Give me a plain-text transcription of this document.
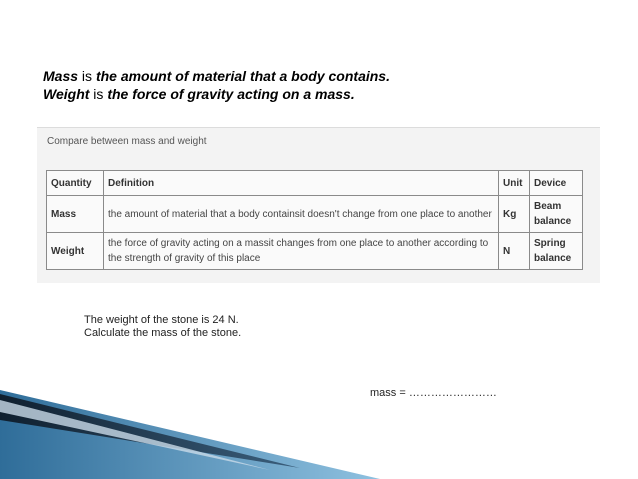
Mass is the amount of material that a body contains.
Weight is the force of gravity acting on a mass.
Compare between mass and weight
Quantity	Definition	Unit	Device
Mass	the amount of material that a body containsit doesn't change from one place to another	Kg	Beam balance
Weight	the force of gravity acting on a massit changes from one place to another according to the strength of gravity of this place	N	Spring balance
The weight of the stone is 24 N.
Calculate the mass of the stone.
mass = ……………………
